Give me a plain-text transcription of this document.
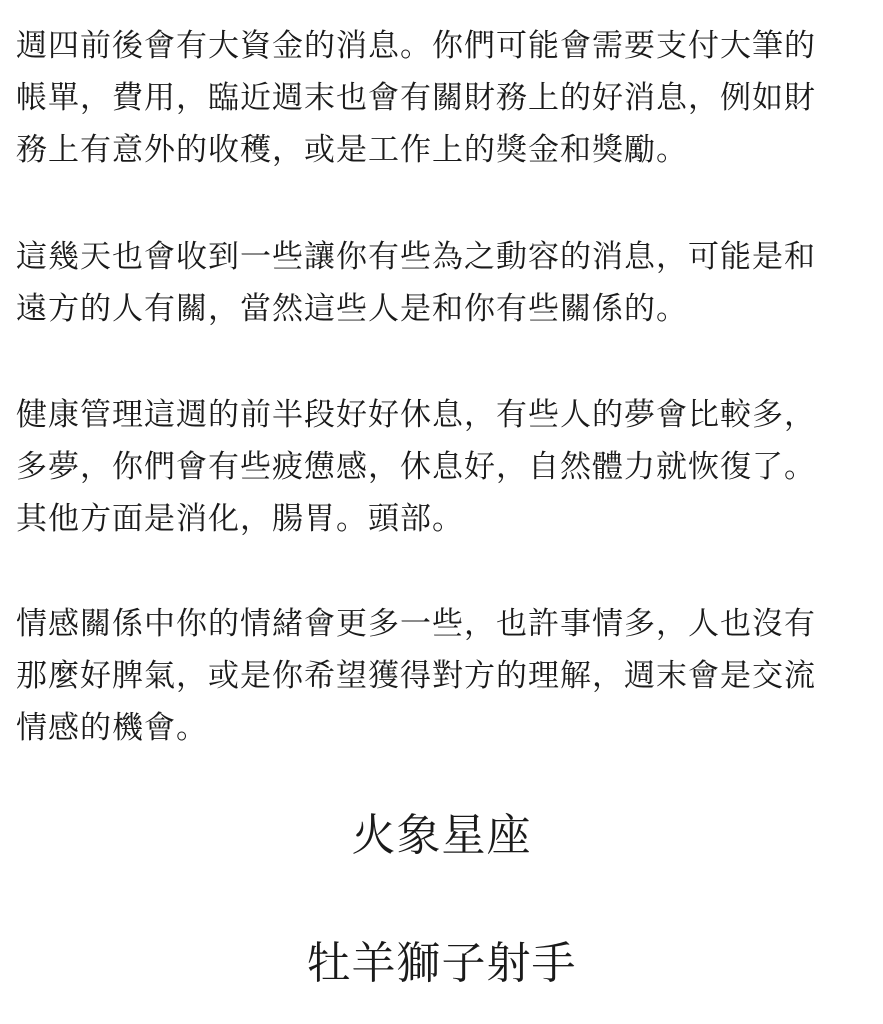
週四前後會有大資金的消息。你們可能會需要支付大筆的
帳單，費用，臨近週末也會有關財務上的好消息，例如財
務上有意外的收穫，或是工作上的獎金和獎勵。

這幾天也會收到一些讓你有些為之動容的消息，可能是和
遠方的人有關，當然這些人是和你有些關係的。

健康管理這週的前半段好好休息，有些人的夢會比較多，
多夢，你們會有些疲憊感，休息好，自然體力就恢復了。
其他方面是消化，腸胃。頭部。

情感關係中你的情緒會更多一些，也許事情多，人也沒有
那麼好脾氣，或是你希望獲得對方的理解，週末會是交流
情感的機會。

火象星座
牡羊獅子射手
